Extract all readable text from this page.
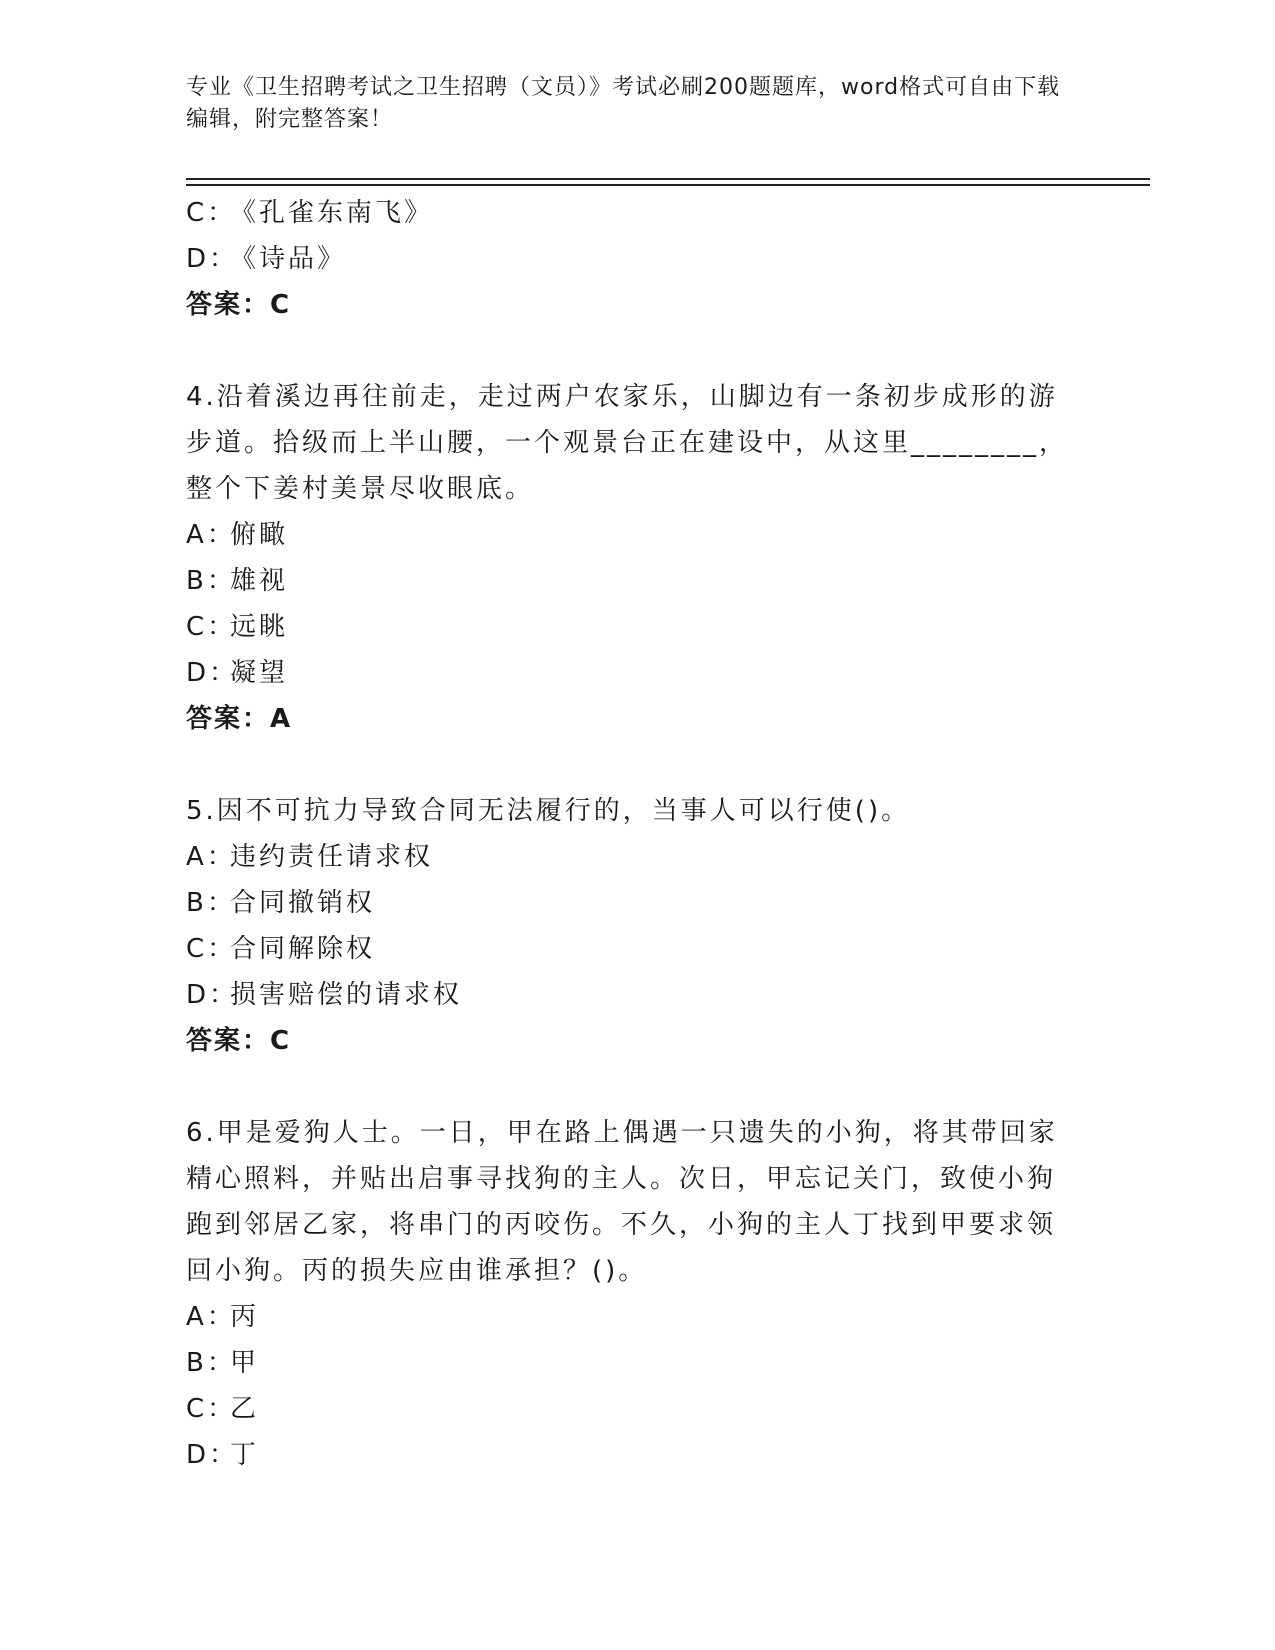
专业《卫生招聘考试之卫生招聘（文员）》考试必刷200题题库，word格式可自由下载编辑，附完整答案！
C：《孔雀东南飞》
D：《诗品》
答案：C
4.沿着溪边再往前走，走过两户农家乐，山脚边有一条初步成形的游
步道。拾级而上半山腰，一个观景台正在建设中，从这里________，
整个下姜村美景尽收眼底。
A：俯瞰
B：雄视
C：远眺
D：凝望
答案：A
5.因不可抗力导致合同无法履行的，当事人可以行使()。
A：违约责任请求权
B：合同撤销权
C：合同解除权
D：损害赔偿的请求权
答案：C
6.甲是爱狗人士。一日，甲在路上偶遇一只遗失的小狗，将其带回家
精心照料，并贴出启事寻找狗的主人。次日，甲忘记关门，致使小狗
跑到邻居乙家，将串门的丙咬伤。不久，小狗的主人丁找到甲要求领
回小狗。丙的损失应由谁承担？()。
A：丙
B：甲
C：乙
D：丁
